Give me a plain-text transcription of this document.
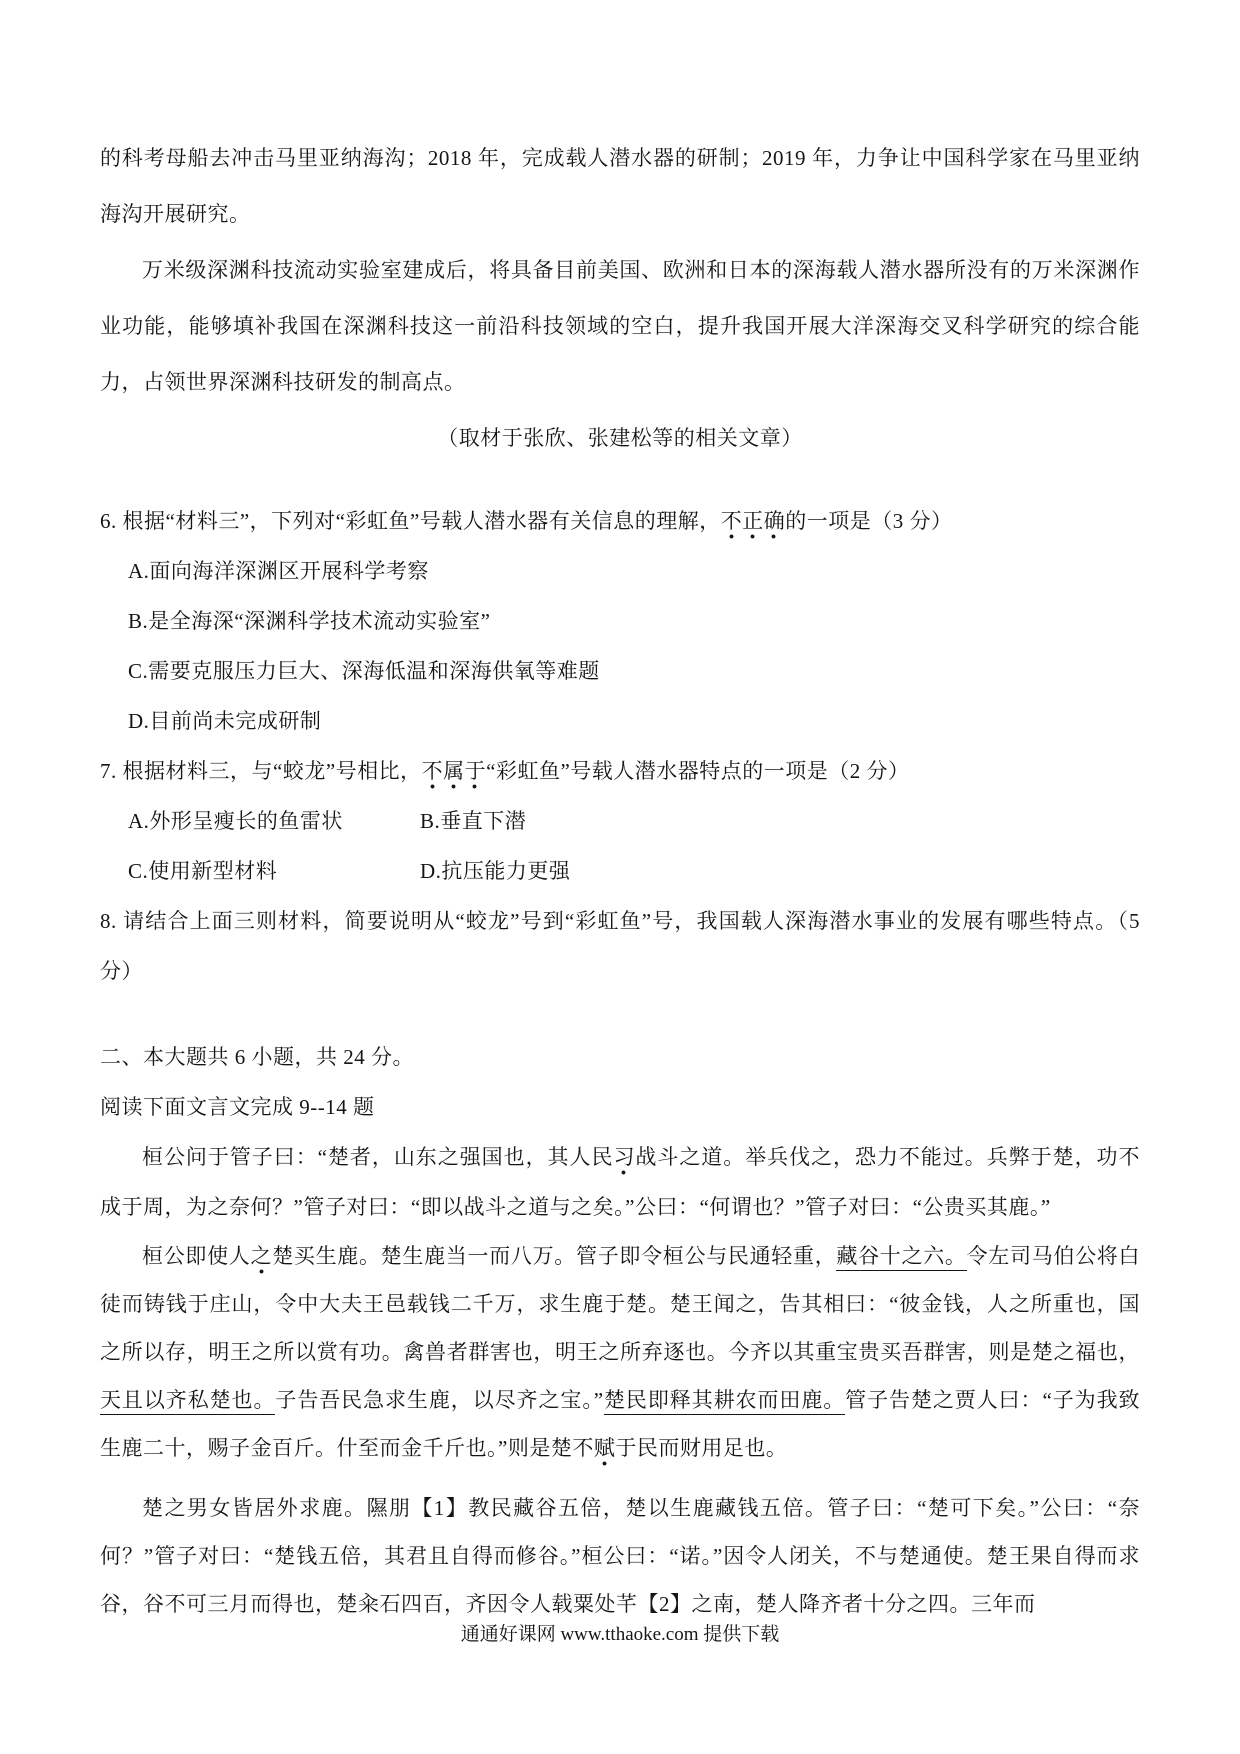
的科考母船去冲击马里亚纳海沟；2018 年，完成载人潜水器的研制；2019 年，力争让中国科学家在马里亚纳海沟开展研究。

万米级深渊科技流动实验室建成后，将具备目前美国、欧洲和日本的深海载人潜水器所没有的万米深渊作业功能，能够填补我国在深渊科技这一前沿科技领域的空白，提升我国开展大洋深海交叉科学研究的综合能力，占领世界深渊科技研发的制高点。

（取材于张欣、张建松等的相关文章）

6. 根据“材料三”，下列对“彩虹鱼”号载人潜水器有关信息的理解，不正确的一项是（3 分）

A.面向海洋深渊区开展科学考察

B.是全海深“深渊科学技术流动实验室”

C.需要克服压力巨大、深海低温和深海供氧等难题

D.目前尚未完成研制

7. 根据材料三，与“蛟龙”号相比，不属于“彩虹鱼”号载人潜水器特点的一项是（2 分）

A.外形呈瘦长的鱼雷状	B.垂直下潜
C.使用新型材料	D.抗压能力更强

8. 请结合上面三则材料，简要说明从“蛟龙”号到“彩虹鱼”号，我国载人深海潜水事业的发展有哪些特点。（5 分）

二、本大题共 6 小题，共 24 分。

阅读下面文言文完成 9--14 题

桓公问于管子曰：“楚者，山东之强国也，其人民习战斗之道。举兵伐之，恐力不能过。兵弊于楚，功不成于周，为之奈何？”管子对曰：“即以战斗之道与之矣。”公曰：“何谓也？”管子对曰：“公贵买其鹿。”

桓公即使人之楚买生鹿。楚生鹿当一而八万。管子即令桓公与民通轻重，藏谷十之六。令左司马伯公将白徒而铸钱于庄山，令中大夫王邑载钱二千万，求生鹿于楚。楚王闻之，告其相曰：“彼金钱，人之所重也，国之所以存，明王之所以赏有功。禽兽者群害也，明王之所弃逐也。今齐以其重宝贵买吾群害，则是楚之福也，天且以齐私楚也。子告吾民急求生鹿，以尽齐之宝。”楚民即释其耕农而田鹿。管子告楚之贾人曰：“子为我致生鹿二十，赐子金百斤。什至而金千斤也。”则是楚不赋于民而财用足也。

楚之男女皆居外求鹿。隰朋【1】教民藏谷五倍，楚以生鹿藏钱五倍。管子曰：“楚可下矣。”公曰：“奈何？”管子对曰：“楚钱五倍，其君且自得而修谷。”桓公曰：“诺。”因令人闭关，不与楚通使。楚王果自得而求谷，谷不可三月而得也，楚籴石四百，齐因令人载粟处芊【2】之南，楚人降齐者十分之四。三年而

通通好课网 www.tthaoke.com 提供下载
